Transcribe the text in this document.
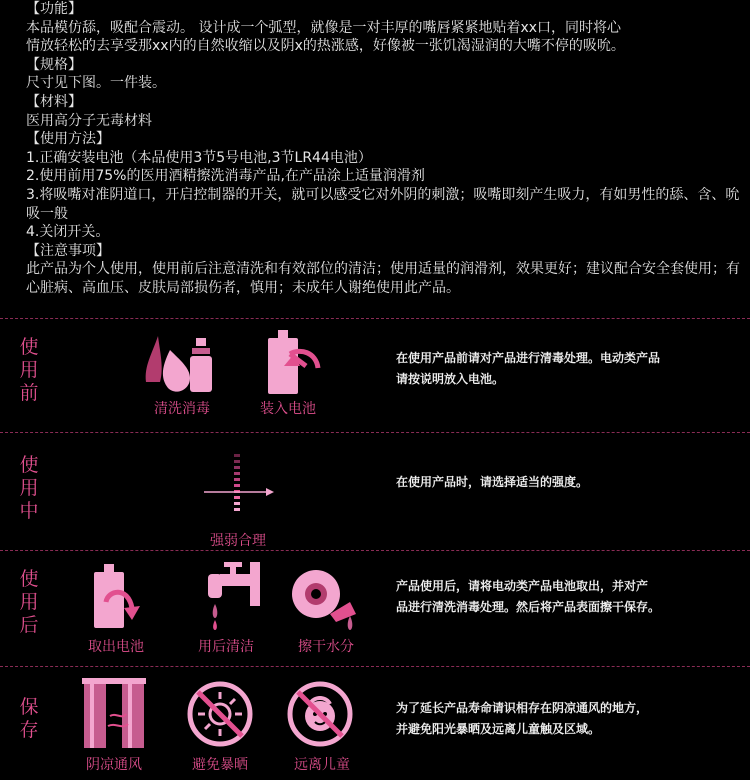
【功能】
本品模仿舔，吸配合震动。 设计成一个弧型，就像是一对丰厚的嘴唇紧紧地贴着xx口，同时将心
情放轻松的去享受那xx内的自然收缩以及阴x的热涨感，好像被一张饥渴湿润的大嘴不停的吸吮。
【规格】
尺寸见下图。一件装。
【材料】
医用高分子无毒材料
【使用方法】
1.正确安装电池（本品使用3节5号电池,3节LR44电池）
2.使用前用75%的医用酒精擦洗消毒产品,在产品涂上适量润滑剂
3.将吸嘴对准阴道口，开启控制器的开关，就可以感受它对外阴的刺激；吸嘴即刻产生吸力，有如男性的舔、含、吮吸一般
4.关闭开关。
【注意事项】
此产品为个人使用，使用前后注意清洗和有效部位的清洁；使用适量的润滑剂，效果更好；建议配合安全套使用；有心脏病、高血压、皮肤局部损伤者，慎用；未成年人谢绝使用此产品。
使
用
前
清洗消毒	装入电池
在使用产品前请对产品进行清毒处理。电动类产品
请按说明放入电池。
使
用
中
强弱合理
在使用产品时，请选择适当的强度。
使
用
后
取出电池	用后清洁	擦干水分
产品使用后，请将电动类产品电池取出，并对产
品进行清洗消毒处理。然后将产品表面擦干保存。
保
存
阴凉通风	避免暴晒	远离儿童
为了延长产品寿命请识相存在阴凉通风的地方，
并避免阳光暴晒及远离儿童触及区域。
